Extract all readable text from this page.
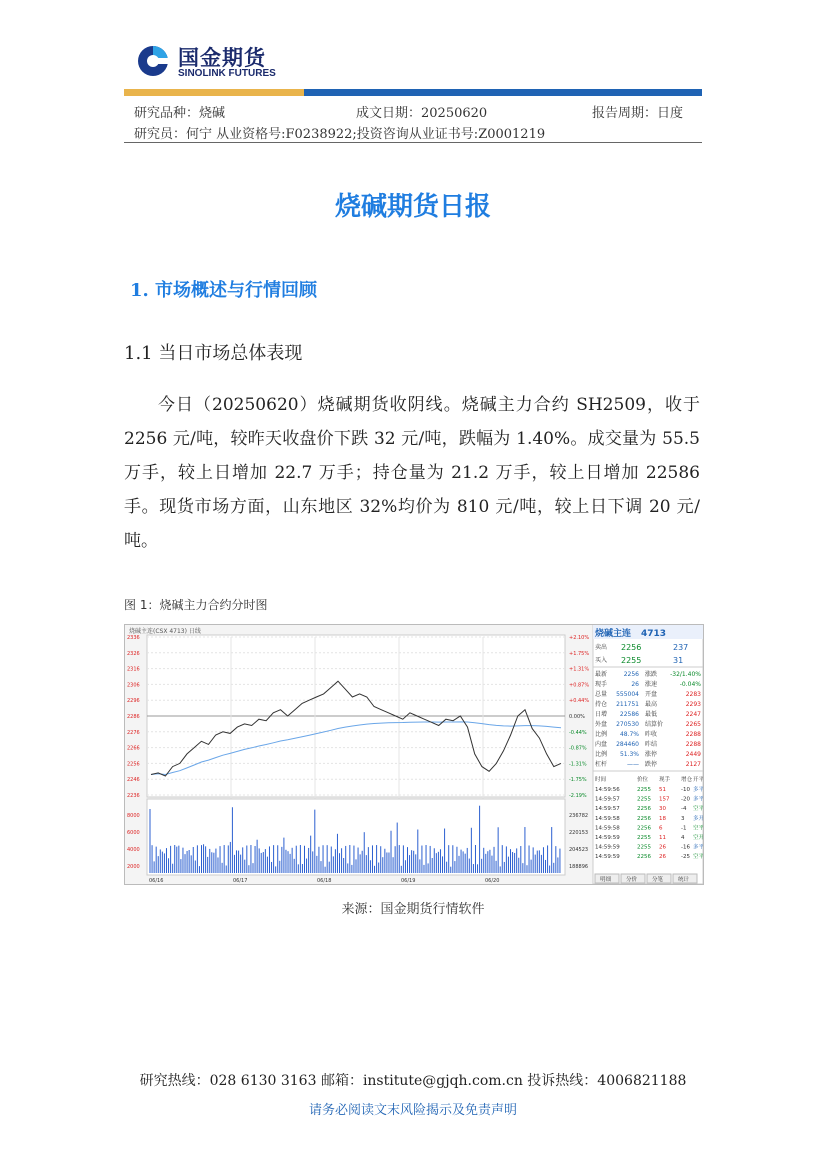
国金期货
SINOLINK FUTURES
研究品种：烧碱	成文日期：20250620	报告周期：日度
研究员：何宁 从业资格号:F0238922;投资咨询从业证书号:Z0001219
烧碱期货日报
1. 市场概述与行情回顾
1.1 当日市场总体表现
今日（20250620）烧碱期货收阴线。烧碱主力合约 SH2509，收于 2256 元/吨，较昨天收盘价下跌 32 元/吨，跌幅为 1.40%。成交量为 55.5 万手，较上日增加 22.7 万手；持仓量为 21.2 万手，较上日增加 22586 手。现货市场方面，山东地区 32%均价为 810 元/吨，较上日下调 20 元/吨。
图 1：烧碱主力合约分时图
烧碱主连(CSX 4713) 日线
2336
2326
2316
2306
2296
2286
2276
2266
2256
2246
2236
+2.10%
+1.75%
+1.31%
+0.87%
+0.44%
0.00%
-0.44%
-0.87%
-1.31%
-1.75%
-2.19%
8000	236782
6000	220153
4000	204523
2000	188896
06/16	06/17	06/18	06/19	06/20
烧碱主连 4713
卖出 2256	237
买入 2255	31
最新	2256 涨跌 -32/1.40%
现手	26 涨速	-0.04%
总量 555004 开盘	2283
持仓 211751 最高	2293
日增 22586 最低	2247
外盘 270530 结算价	2265
比例 48.7% 昨收	2288
内盘 284460 昨结	2288
比例 51.3% 涨停	2449
杠杆	—— 跌停	2127
时间	价位 现手 增仓 开平
14:59:56	2255 51	-10 多平
14:59:57	2255 157 -20 多平
14:59:57	2256 30	-4 空平
14:59:58	2256 18	3 多开
14:59:58	2256 6	-1 空平
14:59:59	2255 11	4 空开
14:59:59	2255 26	-16 多平
14:59:59	2256 26	-25 空平
明细	分价	分笔	统计
来源：国金期货行情软件
研究热线：028 6130 3163 邮箱：institute@gjqh.com.cn 投诉热线：4006821188
请务必阅读文末风险揭示及免责声明
